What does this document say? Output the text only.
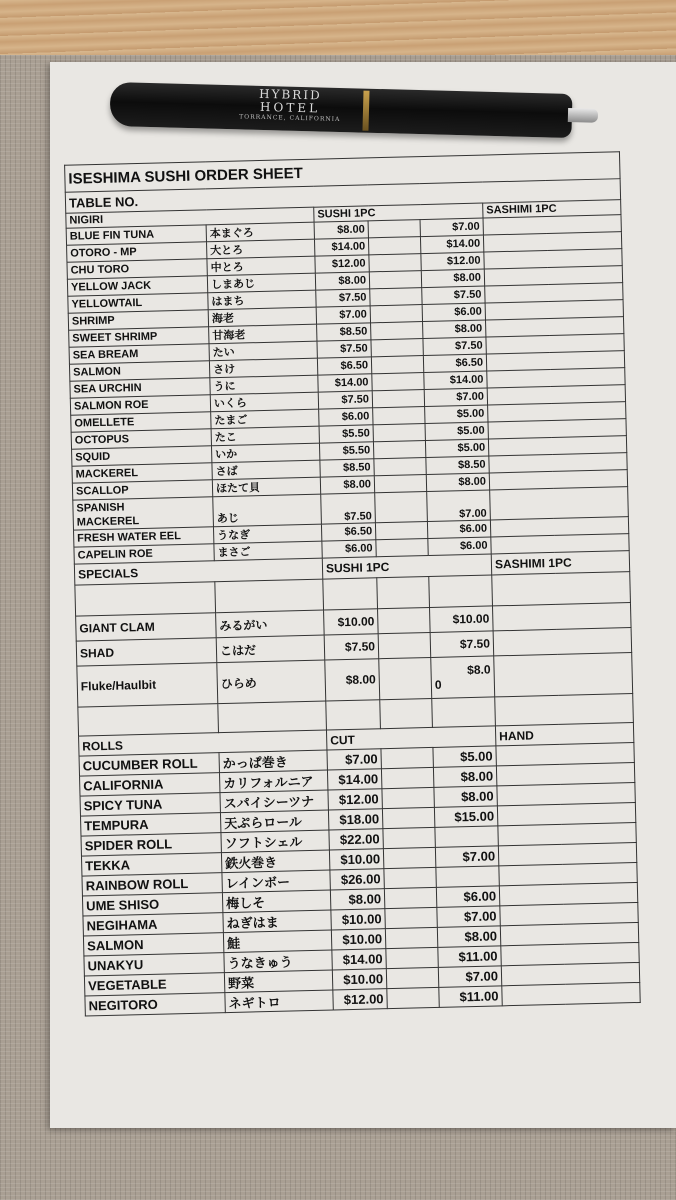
HYBRID
HOTEL
TORRANCE, CALIFORNIA
ISESHIMA SUSHI ORDER SHEET					
TABLE NO.					
NIGIRI		SUSHI 1PC			SASHIMI 1PC
BLUE FIN TUNA	本まぐろ	$8.00		$7.00	
OTORO - MP	大とろ	$14.00		$14.00	
CHU TORO	中とろ	$12.00		$12.00	
YELLOW JACK	しまあじ	$8.00		$8.00	
YELLOWTAIL	はまち	$7.50		$7.50	
SHRIMP	海老	$7.00		$6.00	
SWEET SHRIMP	甘海老	$8.50		$8.00	
SEA BREAM	たい	$7.50		$7.50	
SALMON	さけ	$6.50		$6.50	
SEA URCHIN	うに	$14.00		$14.00	
SALMON ROE	いくら	$7.50		$7.00	
OMELLETE	たまご	$6.00		$5.00	
OCTOPUS	たこ	$5.50		$5.00	
SQUID	いか	$5.50		$5.00	
MACKEREL	さば	$8.50		$8.50	
SCALLOP	ほたて貝	$8.00		$8.00	
SPANISH
MACKEREL	あじ	$7.50		$7.00	
FRESH WATER EEL	うなぎ	$6.50		$6.00	
CAPELIN ROE	まさご	$6.00		$6.00	
SPECIALS		SUSHI 1PC			SASHIMI 1PC

GIANT CLAM	みるがい	$10.00		$10.00	
SHAD	こはだ	$7.50		$7.50	
Fluke/Haulbit	ひらめ	$8.00		$8.0

0	

ROLLS		CUT			HAND
CUCUMBER ROLL	かっぱ巻き	$7.00		$5.00	
CALIFORNIA	カリフォルニア	$14.00		$8.00	
SPICY TUNA	スパイシーツナ	$12.00		$8.00	
TEMPURA	天ぷらロール	$18.00		$15.00	
SPIDER ROLL	ソフトシェル	$22.00			
TEKKA	鉄火巻き	$10.00		$7.00	
RAINBOW ROLL	レインボー	$26.00			
UME SHISO	梅しそ	$8.00		$6.00	
NEGIHAMA	ねぎはま	$10.00		$7.00	
SALMON	鮭	$10.00		$8.00	
UNAKYU	うなきゅう	$14.00		$11.00	
VEGETABLE	野菜	$10.00		$7.00	
NEGITORO	ネギトロ	$12.00		$11.00	
